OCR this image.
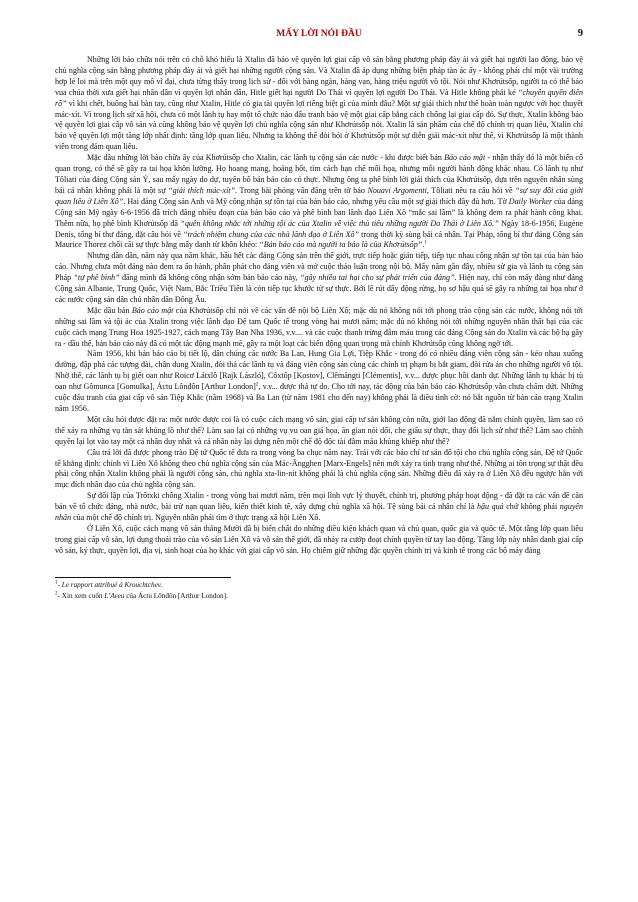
MẤY LỜI NÓI ĐẦU	9

Những lời báo chữa nói trên có chỗ khó hiểu là Xtalin đã bảo vệ quyền lợi giai cấp vô sản bằng phương pháp đày ải và giết hại người lao động, bảo vệ chủ nghĩa cộng sản bằng phương pháp đày ải và giết hại những người cộng sản. Và Xtalin đã áp dụng những biện pháp tàn ác ấy - không phải chỉ một vài trường hợp lẻ loi mà trên một quy mô vĩ đại, chưa từng thấy trong lịch sử - đối với hàng ngàn, hàng vạn, hàng triệu người vô tội. Nói như Khơrútsốp, người ta có thể báo vua chúa thời xưa giết hại nhân dân vì quyền lợi nhân dân, Hitle giết hại người Do Thái vì quyền lợi người Do Thái. Và Hitle không phải kẻ “chuyên quyền điên rồ” vì khi chết, buông hai bàn tay, cũng như Xtalin, Hitle có gia tài quyền lợi riêng biệt gì của mình đâu? Một sự giải thích như thế hoàn toàn ngược với học thuyết mác-xít. Vì trong lịch sử xã hội, chưa có một lãnh tụ hay một tổ chức nào đấu tranh bảo vệ một giai cấp bằng cách chống lại giai cấp đó. Sự thực, Xtalin không bảo vệ quyền lợi giai cấp vô sản và cũng không bảo vệ quyền lợi chủ nghĩa cộng sản như Khơrútsốp nói. Xtalin là sản phẩm của chế độ chính trị quan liêu, Xtalin chỉ bảo vệ quyền lợi một tầng lớp nhất định: tầng lớp quan liêu. Nhưng ta không thể đòi hỏi ở Khơrútsốp một sự diễn giải mác-xít như thế, vì Khơrútsốp là một thành viên trong đám quan liêu.

Mặc dầu những lời bào chữa ấy của Khơrútsốp cho Xtalin, các lãnh tụ cộng sản các nước - khi được biết bản Báo cáo mật - nhận thấy đó là một biến cố quan trọng, có thể sẽ gây ra tai họa khôn lường. Họ hoang mang, hoảng hốt, tìm cách hạn chế mối họa, nhưng mỗi người hành động khác nhau. Có lãnh tụ như Tôliati của đảng Cộng sản Ý, sau mấy ngày do dự, tuyên bố bản báo cáo có thực. Nhưng ông ta phê bình lời giải thích của Khơrútsốp, dựa trên nguyên nhân sùng bái cá nhân không phải là một sự “giải thích mác-xít”. Trong bài phỏng vấn đăng trên tờ báo Nouavi Argomenti, Tôliati nêu ra câu hỏi về “sự suy đồi của giới quan liêu ở Liên Xô”. Hai đảng Cộng sản Anh và Mỹ công nhận sự tồn tại của bản báo cáo, nhưng yêu cầu một sự giải thích đầy đủ hơn. Tờ Daily Worker của đảng Cộng sản Mỹ ngày 6-6-1956 đã trích đăng nhiều đoạn của bản báo cáo và phê bình ban lãnh đạo Liên Xô “mắc sai lầm” là không đem ra phát hành công khai. Thêm nữa, họ phê bình Khơrútsốp đã “quên không nhắc tới những tội ác của Xtalin về việc thủ tiêu những người Do Thái ở Liên Xô.” Ngày 18-6-1956, Eugène Denis, tổng bí thư đảng, đặt câu hỏi về “trách nhiệm chung của các nhà lãnh đạo ở Liên Xô” trong thời kỳ sùng bái cá nhân. Tại Pháp, tổng bí thư đảng Cộng sản Maurice Thorez chối cãi sự thực bằng mấy danh từ khôn khéo: “Bản báo cáo mà người ta bảo là của Khơrútsốp”.$^1$

Nhưng dần dần, năm này qua năm khác, hầu hết các đảng Cộng sản trên thế giới, trực tiếp hoặc gián tiếp, tiếp tục nhau công nhận sự tồn tại của bản báo cáo. Nhưng chưa một đảng nào đem ra ấn hành, phân phát cho đảng viên và mở cuộc thảo luận trong nội bộ. Mấy năm gần đây, nhiều sử gia và lãnh tụ cộng sản Pháp “tự phê bình” đăng mình đã không công nhận sớm bản báo cáo này, “gây nhiều tai hại cho sự phát triển của đảng”. Hiện nay, chỉ còn mấy đảng như đảng Cộng sản Albanie, Trung Quốc, Việt Nam, Bắc Triều Tiên là còn tiếp tục khước từ sự thực. Bởi lẽ rút dây động rừng, họ sợ hậu quả sẽ gây ra những tai họa như ở các nước cộng sản dân chủ nhân dân Đông Âu.

Mặc dầu bản Báo cáo mật của Khơrútsốp chỉ nói về các vấn đề nội bộ Liên Xô; mặc dù nó không nói tới phong trào cộng sản các nước, không nói tới những sai lầm và tội ác của Xtalin trong việc lãnh đạo Đệ tam Quốc tế trong vòng hai mươi năm; mặc dù nó không nói tới những nguyên nhân thất bại của các cuộc cách mạng Trung Hoa 1925-1927, cách mạng Tây Ban Nha 1936, v.v.... và các cuộc thanh trừng đẫm máu trong các đảng Cộng sản do Xtalin và các bộ hạ gây ra - dầu thế, bản báo cáo này đã có một tác động mạnh mẽ, gây ra một loạt các biến động quan trọng mà chính Khơrútsốp cũng không ngờ tới.

Năm 1956, khi bản báo cáo bị tiết lộ, dân chúng các nước Ba Lan, Hung Gia Lợi, Tiệp Khắc - trong đó có nhiều đảng viên cộng sản - kéo nhau xuống đường, đập phá các tượng đài, chân dung Xtalin, đòi thả các lãnh tụ và đảng viên cộng sản cùng các chính trị phạm bị bắt giam, đòi rửa án cho những người vô tội. Nhờ thế, các lãnh tụ bị giết oan như Roicơ Látxlô [Rajk László], Côxtốp [Kostov], Clêmăngti [Clémentis], v.v... được phục hồi danh dự. Những lãnh tụ khác bị tù oan như Gômunca [Gomulka], Áctu Lônđôn [Arthur London]$^2$, v.v... được thả tự do. Cho tới nay, tác động của bản báo cáo Khơrútsốp vẫn chưa chấm dứt. Những cuộc đấu tranh của giai cấp vô sản Tiệp Khắc (năm 1968) và Ba Lan (từ năm 1981 cho đến nay) không phải là điều tình cờ: nó bắt nguồn từ bản cáo trạng Xtalin năm 1956.

Một câu hỏi được đặt ra: một nước được coi là có cuộc cách mạng vô sản, giai cấp tư sản không còn nữa, giới lao động đã nắm chính quyền, làm sao có thể xảy ra những vụ tàn sát khủng lồ như thế? Làm sao lại có những vụ vu oan giá họa, ăn gian nói dối, che giấu sự thực, thay đổi lịch sử như thế? Làm sao chính quyền lại lọt vào tay một cá nhân duy nhất và cá nhân này lại dựng nên một chế độ độc tài đẫm máu khủng khiếp như thế?

Câu trả lời đã được phong trào Đệ tứ Quốc tế đưa ra trong vòng ba chục năm nay. Trái với các báo chí tư sản đổ tội cho chủ nghĩa cộng sản, Đệ tứ Quốc tế khẳng định: chính vì Liên Xô không theo chủ nghĩa cộng sản của Mác-Ăngghen [Marx-Engels] nên mới xảy ra tình trạng như thế. Những ai tôn trọng sự thật đều phải công nhận Xtalin không phải là người cộng sản, chủ nghĩa xta-lin-nít không phải là chủ nghĩa cộng sản. Những điều đã xảy ra ở Liên Xô đều ngược hẳn với mục đích nhân đạo của chủ nghĩa cộng sản.

Sự đối lập của Trốtxki chống Xtalin - trong vòng hai mươi năm, trên mọi lĩnh vực lý thuyết, chính trị, phương pháp hoạt động - đã đặt ra các vấn đề căn bản về tổ chức đảng, nhà nước, bài trừ nạn quan liêu, kiến thiết kinh tế, xây dựng chủ nghĩa xã hội. Tệ sùng bái cá nhân chỉ là hậu quả chứ không phải nguyên nhân của một chế độ chính trị. Nguyên nhân phải tìm ở thực trạng xã hội Liên Xô.

Ở Liên Xô, cuộc cách mạng vô sản tháng Mười đã bị biến chất do những điều kiện khách quan và chủ quan, quốc gia và quốc tế. Một tầng lớp quan liêu trong giai cấp vô sản, lợi dụng thoái trào của vô sản Liên Xô và vô sản thế giới, đã nhảy ra cướp đoạt chính quyền từ tay lao động. Tầng lớp này nhân danh giai cấp vô sản, kỷ thực, quyền lợi, địa vị, sinh hoạt của họ khác với giai cấp vô sản. Họ chiếm giữ những đặc quyền chính trị và kinh tế trong các bộ máy đảng

$^1$- Le rapport attribué à Krouchtchev.
$^2$- Xin xem cuốn L’Aveu của Áctu Lônđôn [Arthur London].
